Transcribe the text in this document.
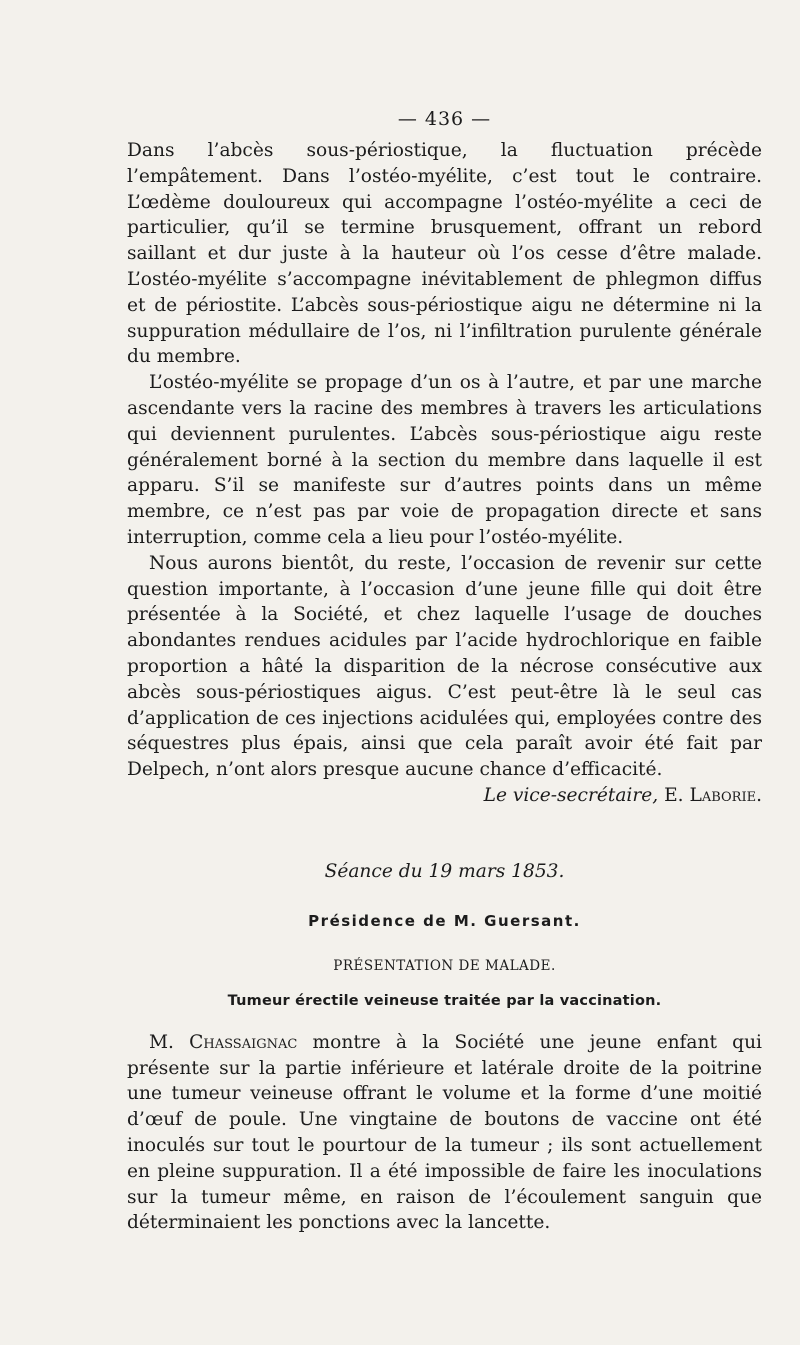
— 436 —

Dans l’abcès sous-périostique, la fluctuation précède l’empâtement. Dans l’ostéo-myélite, c’est tout le contraire. L’œdème douloureux qui accompagne l’ostéo-myélite a ceci de particulier, qu’il se termine brusquement, offrant un rebord saillant et dur juste à la hauteur où l’os cesse d’être malade. L’ostéo-myélite s’accompagne inévitablement de phlegmon diffus et de périostite. L’abcès sous-périostique aigu ne détermine ni la suppuration médullaire de l’os, ni l’infiltration purulente générale du membre.

L’ostéo-myélite se propage d’un os à l’autre, et par une marche ascendante vers la racine des membres à travers les articulations qui deviennent purulentes. L’abcès sous-périostique aigu reste généralement borné à la section du membre dans laquelle il est apparu. S’il se manifeste sur d’autres points dans un même membre, ce n’est pas par voie de propagation directe et sans interruption, comme cela a lieu pour l’ostéo-myélite.

Nous aurons bientôt, du reste, l’occasion de revenir sur cette question importante, à l’occasion d’une jeune fille qui doit être présentée à la Société, et chez laquelle l’usage de douches abondantes rendues acidules par l’acide hydrochlorique en faible proportion a hâté la disparition de la nécrose consécutive aux abcès sous-périostiques aigus. C’est peut-être là le seul cas d’application de ces injections acidulées qui, employées contre des séquestres plus épais, ainsi que cela paraît avoir été fait par Delpech, n’ont alors presque aucune chance d’efficacité.

Le vice-secrétaire, E. Laborie.
Séance du 19 mars 1853.
Présidence de M. Guersant.
PRÉSENTATION DE MALADE.
Tumeur érectile veineuse traitée par la vaccination.

M. Chassaignac montre à la Société une jeune enfant qui présente sur la partie inférieure et latérale droite de la poitrine une tumeur veineuse offrant le volume et la forme d’une moitié d’œuf de poule. Une vingtaine de boutons de vaccine ont été inoculés sur tout le pourtour de la tumeur ; ils sont actuellement en pleine suppuration. Il a été impossible de faire les inoculations sur la tumeur même, en raison de l’écoulement sanguin que déterminaient les ponctions avec la lancette.
